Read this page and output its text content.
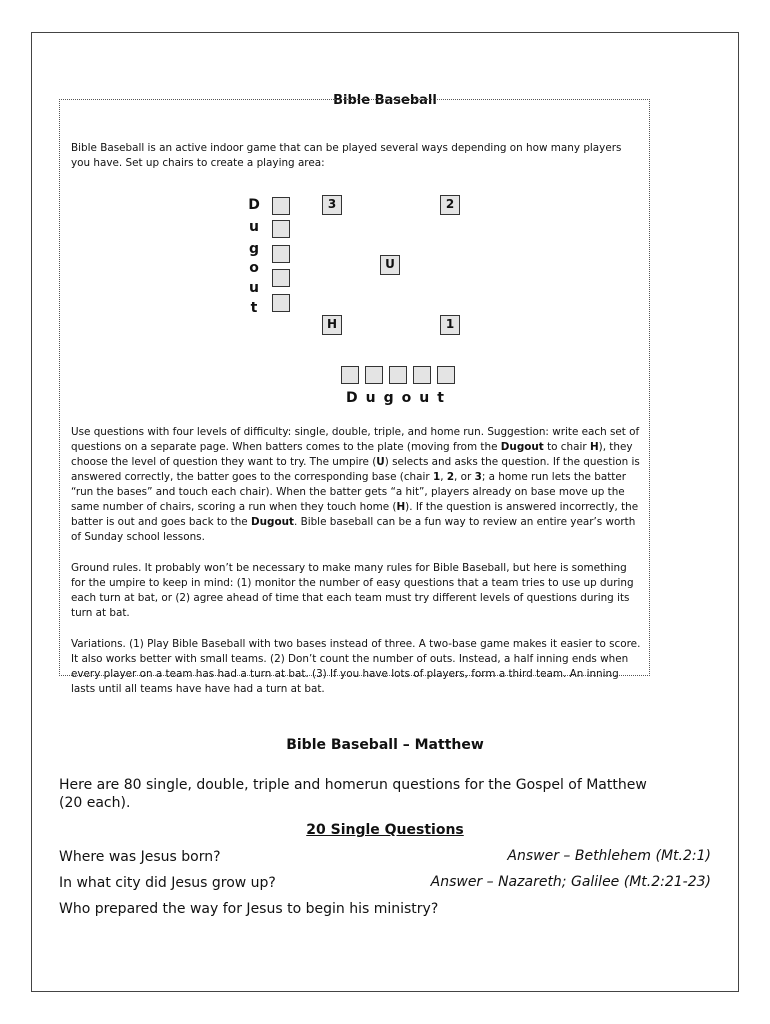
Bible Baseball

Bible Baseball is an active indoor game that can be played several ways depending on how many players you have. Set up chairs to create a playing area:

D
u
g
o
u
t
3	2
U
H	1
Dugout

Use questions with four levels of difficulty: single, double, triple, and home run. Suggestion: write each set of questions on a separate page. When batters comes to the plate (moving from the Dugout to chair H), they choose the level of question they want to try. The umpire (U) selects and asks the question. If the question is answered correctly, the batter goes to the corresponding base (chair 1, 2, or 3; a home run lets the batter “run the bases” and touch each chair). When the batter gets “a hit”, players already on base move up the same number of chairs, scoring a run when they touch home (H). If the question is answered incorrectly, the batter is out and goes back to the Dugout. Bible baseball can be a fun way to review an entire year’s worth of Sunday school lessons.

Ground rules. It probably won’t be necessary to make many rules for Bible Baseball, but here is something for the umpire to keep in mind: (1) monitor the number of easy questions that a team tries to use up during each turn at bat, or (2) agree ahead of time that each team must try different levels of questions during its turn at bat.

Variations. (1) Play Bible Baseball with two bases instead of three. A two-base game makes it easier to score. It also works better with small teams. (2) Don’t count the number of outs. Instead, a half inning ends when every player on a team has had a turn at bat. (3) If you have lots of players, form a third team. An inning lasts until all teams have have had a turn at bat.

Bible Baseball – Matthew
Here are 80 single, double, triple and homerun questions for the Gospel of Matthew (20 each).
20 Single Questions
Where was Jesus born?	Answer – Bethlehem (Mt.2:1)
In what city did Jesus grow up?	Answer – Nazareth; Galilee (Mt.2:21-23)
Who prepared the way for Jesus to begin his ministry?
